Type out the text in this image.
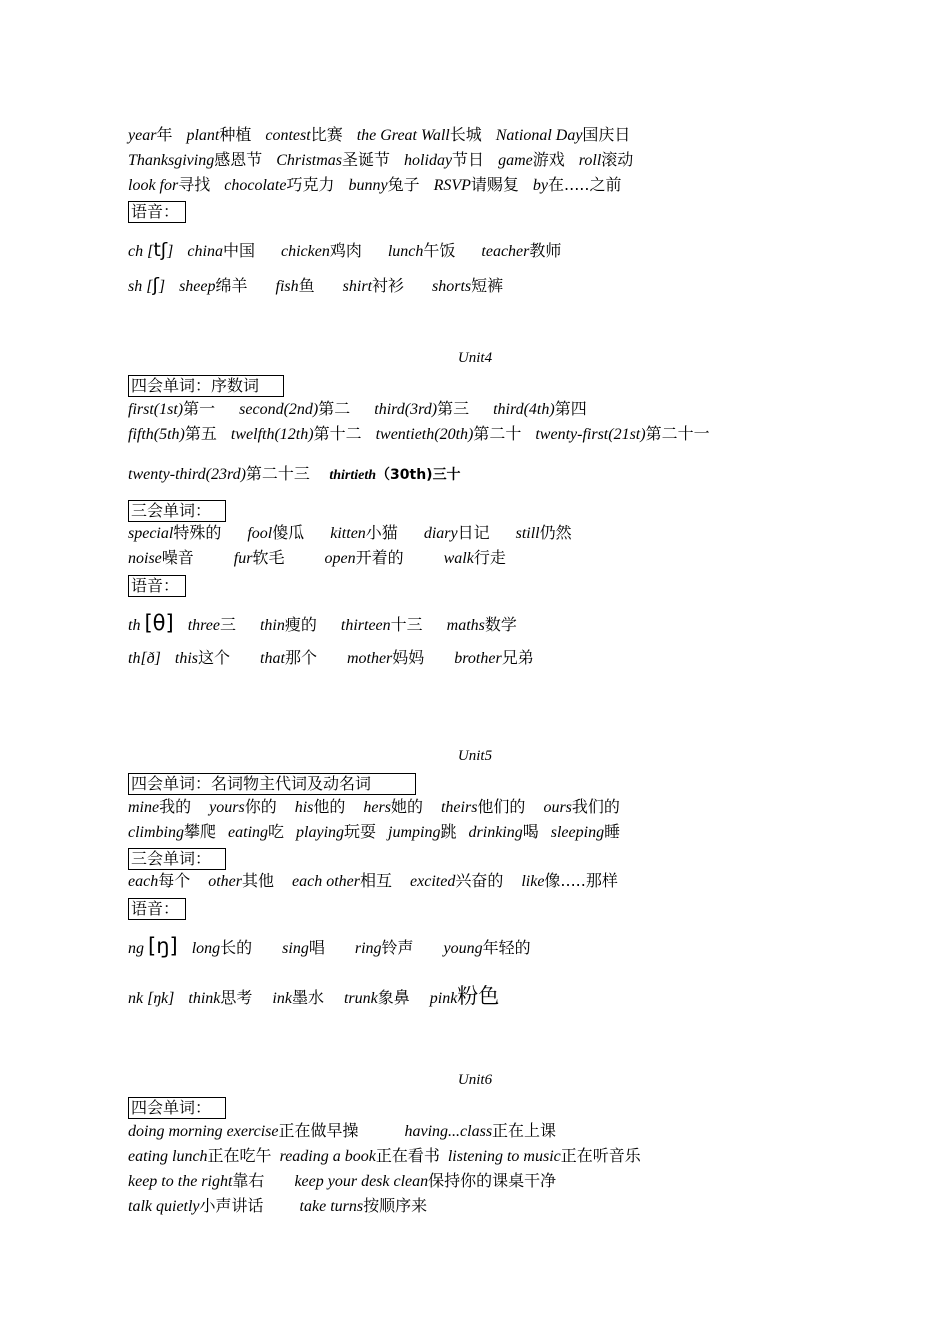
year年 plant种植 contest比赛 the Great Wall长城 National Day国庆日
Thanksgiving感恩节 Christmas圣诞节 holiday节日 game游戏 roll滚动
look for寻找 chocolate巧克力 bunny兔子 RSVP请赐复 by在.....之前
语音：
ch [tʃ] china中国 chicken鸡肉 lunch午饭 teacher教师
sh [ʃ] sheep绵羊 fish鱼 shirt衬衫 shorts短裤
Unit4
四会单词：序数词
first(1st)第一 second(2nd)第二 third(3rd)第三 third(4th)第四
fifth(5th)第五 twelfth(12th)第十二 twentieth(20th)第二十 twenty-first(21st)第二十一
twenty-third(23rd)第二十三 thirtieth（30th)三十
三会单词：
special特殊的 fool傻瓜 kitten小猫 diary日记 still仍然
noise噪音	fur软毛	open开着的	walk行走
语音：
th [θ] three三 thin瘦的 thirteen十三 maths数学
th[ð] this这个 that那个 mother妈妈 brother兄弟
Unit5
四会单词：名词物主代词及动名词
mine我的 yours你的 his他的 hers她的 theirs他们的 ours我们的
climbing攀爬 eating吃 playing玩耍 jumping跳 drinking喝 sleeping睡
三会单词：
each每个 other其他 each other相互 excited兴奋的 like像.....那样
语音：
ng [ŋ] long长的 sing唱 ring铃声 young年轻的
nk [ŋk] think思考 ink墨水 trunk象鼻 pink粉色
Unit6
四会单词：
doing morning exercise正在做早操	having...class正在上课
eating lunch正在吃午 reading a book正在看书 listening to music正在听音乐
keep to the right靠右 keep your desk clean保持你的课桌干净
talk quietly小声讲话 take turns按顺序来
